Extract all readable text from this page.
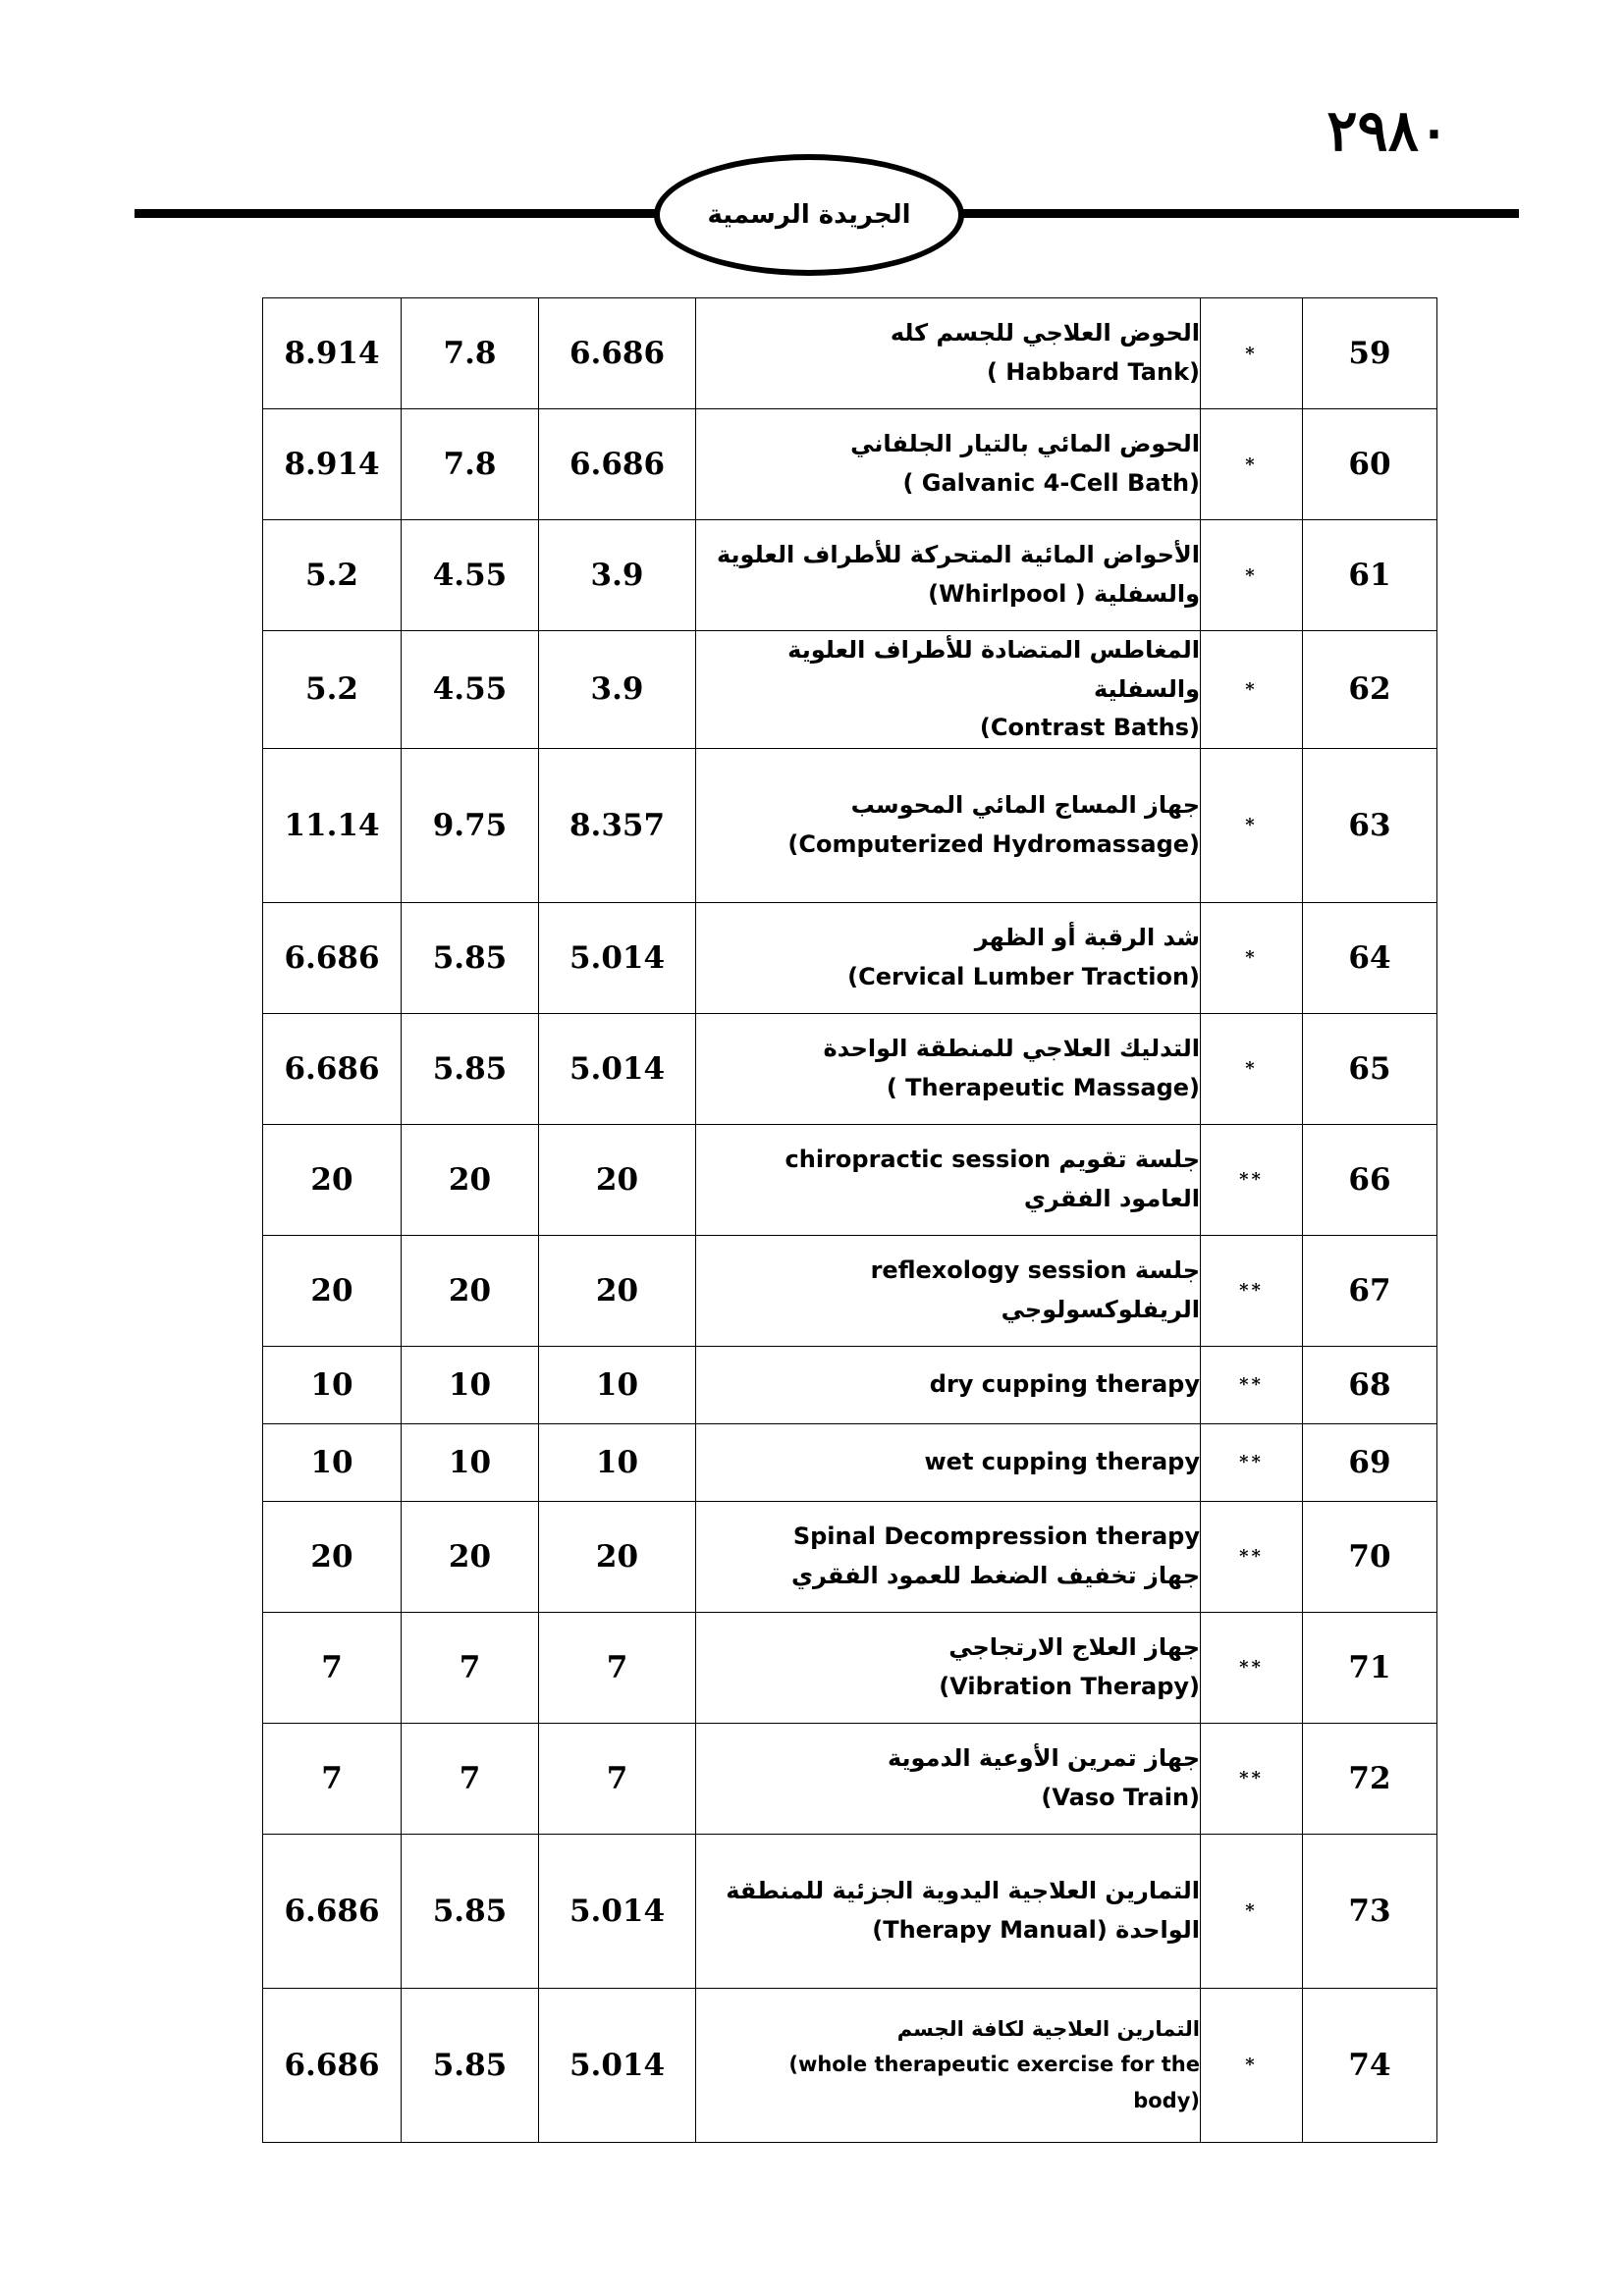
٢٩٨٠
الجريدة الرسمية
59	*	الحوض العلاجي للجسم كله
(Habbard Tank )	6.686	7.8	8.914
60	*	الحوض المائي بالتيار الجلفاني
(Galvanic 4-Cell Bath )	6.686	7.8	8.914
61	*	الأحواض المائية المتحركة للأطراف العلوية
والسفلية ( Whirlpool)	3.9	4.55	5.2
62	*	المغاطس المتضادة للأطراف العلوية والسفلية
(Contrast Baths)	3.9	4.55	5.2
63	*	جهاز المساج المائي المحوسب
(Computerized Hydromassage)	8.357	9.75	11.14
64	*	شد الرقبة أو الظهر
(Cervical Lumber Traction)	5.014	5.85	6.686
65	*	التدليك العلاجي للمنطقة الواحدة
(Therapeutic Massage )	5.014	5.85	6.686
66	**	جلسة تقويم chiropractic session
العامود الفقري	20	20	20
67	**	جلسة reflexology session
الريفلوكسولوجي	20	20	20
68	**	dry cupping therapy	10	10	10
69	**	wet cupping therapy	10	10	10
70	**	Spinal Decompression therapy
جهاز تخفيف الضغط للعمود الفقري	20	20	20
71	**	جهاز العلاج الارتجاجي
(Vibration Therapy)	7	7	7
72	**	جهاز تمرين الأوعية الدموية
(Vaso Train)	7	7	7
73	*	التمارين العلاجية اليدوية الجزئية للمنطقة
الواحدة (Therapy Manual)	5.014	5.85	6.686
74	*	التمارين العلاجية لكافة الجسم
whole therapeutic exercise for the)
(body	5.014	5.85	6.686
